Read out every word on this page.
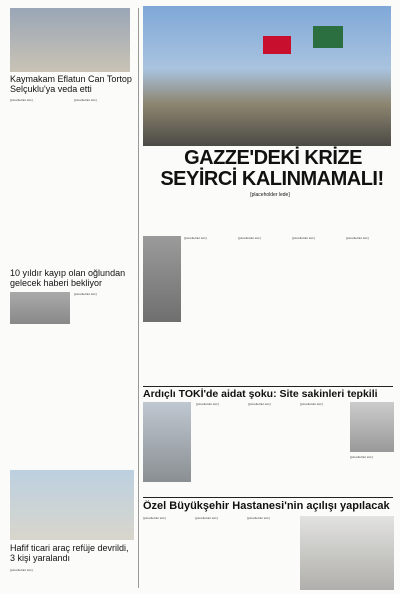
Kaymakam Eflatun Can Tortop Selçuklu'ya veda etti
[placeholder text]	[placeholder text]
10 yıldır kayıp olan oğlundan gelecek haberi bekliyor
[placeholder text]
Hafif ticari araç refüje devrildi, 3 kişi yaralandı
[placeholder text]
GAZZE'DEKİ KRİZE
SEYİRCİ KALINMAMALI!
[placeholder lede]
[placeholder text]	[placeholder text]	[placeholder text]	[placeholder text]
Ardıçlı TOKİ'de aidat şoku: Site sakinleri tepkili
[placeholder text]	[placeholder text]	[placeholder text]
[placeholder text]
Özel Büyükşehir Hastanesi'nin açılışı yapılacak
[placeholder text]	[placeholder text]	[placeholder text]
